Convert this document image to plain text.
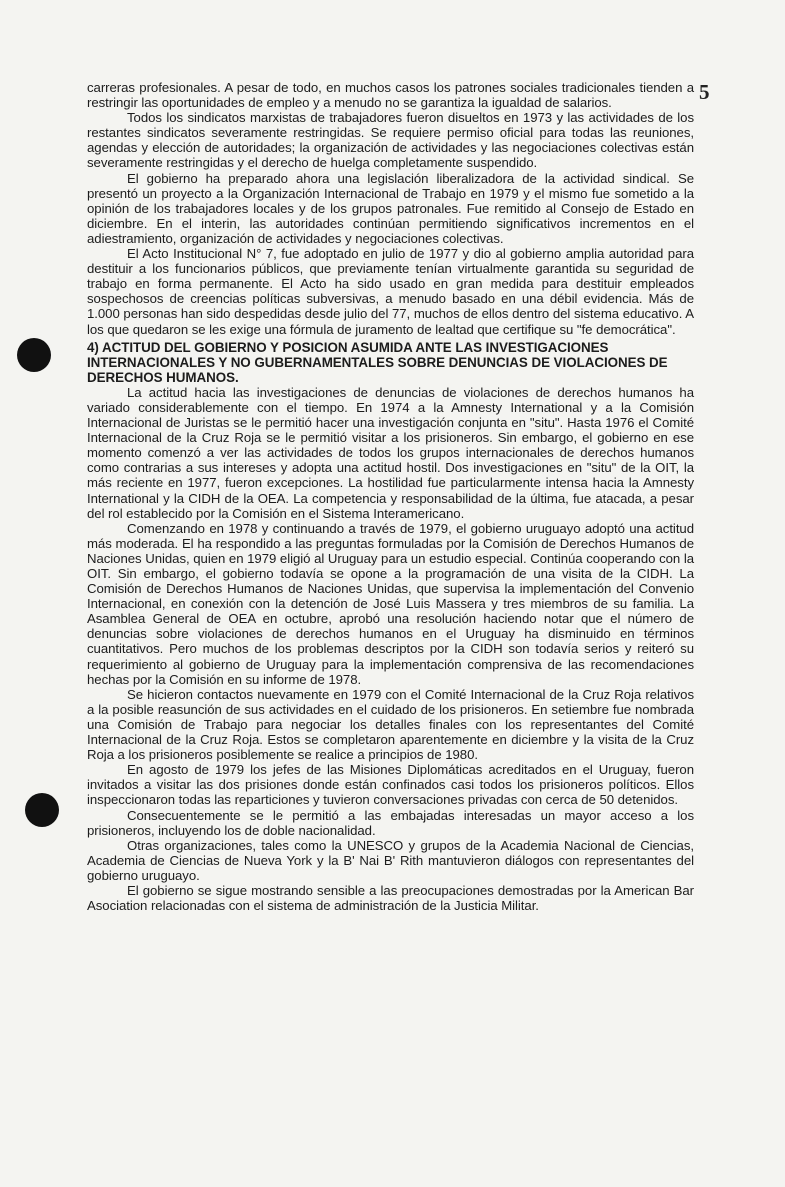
5

carreras profesionales. A pesar de todo, en muchos casos los patrones sociales tradicionales tienden a restringir las oportunidades de empleo y a menudo no se garantiza la igualdad de salarios.

Todos los sindicatos marxistas de trabajadores fueron disueltos en 1973 y las actividades de los restantes sindicatos severamente restringidas. Se requiere permiso oficial para todas las reuniones, agendas y elección de autoridades; la organización de actividades y las negociaciones colectivas están severamente restringidas y el derecho de huelga completamente suspendido.

El gobierno ha preparado ahora una legislación liberalizadora de la actividad sindical. Se presentó un proyecto a la Organización Internacional de Trabajo en 1979 y el mismo fue sometido a la opinión de los trabajadores locales y de los grupos patronales. Fue remitido al Consejo de Estado en diciembre. En el interin, las autoridades continúan permitiendo significativos incrementos en el adiestramiento, organización de actividades y negociaciones colectivas.

El Acto Institucional N° 7, fue adoptado en julio de 1977 y dio al gobierno amplia autoridad para destituir a los funcionarios públicos, que previamente tenían virtualmente garantida su seguridad de trabajo en forma permanente. El Acto ha sido usado en gran medida para destituir empleados sospechosos de creencias políticas subversivas, a menudo basado en una débil evidencia. Más de 1.000 personas han sido despedidas desde julio del 77, muchos de ellos dentro del sistema educativo. A los que quedaron se les exige una fórmula de juramento de lealtad que certifique su "fe democrática".

4) ACTITUD DEL GOBIERNO Y POSICION ASUMIDA ANTE LAS INVESTIGACIONES INTERNACIONALES Y NO GUBERNAMENTALES SOBRE DENUNCIAS DE VIOLACIONES DE DERECHOS HUMANOS.

La actitud hacia las investigaciones de denuncias de violaciones de derechos humanos ha variado considerablemente con el tiempo. En 1974 a la Amnesty International y a la Comisión Internacional de Juristas se le permitió hacer una investigación conjunta en "situ". Hasta 1976 el Comité Internacional de la Cruz Roja se le permitió visitar a los prisioneros. Sin embargo, el gobierno en ese momento comenzó a ver las actividades de todos los grupos internacionales de derechos humanos como contrarias a sus intereses y adopta una actitud hostil. Dos investigaciones en "situ" de la OIT, la más reciente en 1977, fueron excepciones. La hostilidad fue particularmente intensa hacia la Amnesty International y la CIDH de la OEA. La competencia y responsabilidad de la última, fue atacada, a pesar del rol establecido por la Comisión en el Sistema Interamericano.

Comenzando en 1978 y continuando a través de 1979, el gobierno uruguayo adoptó una actitud más moderada. El ha respondido a las preguntas formuladas por la Comisión de Derechos Humanos de Naciones Unidas, quien en 1979 eligió al Uruguay para un estudio especial. Continúa cooperando con la OIT. Sin embargo, el gobierno todavía se opone a la programación de una visita de la CIDH. La Comisión de Derechos Humanos de Naciones Unidas, que supervisa la implementación del Convenio Internacional, en conexión con la detención de José Luis Massera y tres miembros de su familia. La Asamblea General de OEA en octubre, aprobó una resolución haciendo notar que el número de denuncias sobre violaciones de derechos humanos en el Uruguay ha disminuido en términos cuantitativos. Pero muchos de los problemas descriptos por la CIDH son todavía serios y reiteró su requerimiento al gobierno de Uruguay para la implementación comprensiva de las recomendaciones hechas por la Comisión en su informe de 1978.

Se hicieron contactos nuevamente en 1979 con el Comité Internacional de la Cruz Roja relativos a la posible reasunción de sus actividades en el cuidado de los prisioneros. En setiembre fue nombrada una Comisión de Trabajo para negociar los detalles finales con los representantes del Comité Internacional de la Cruz Roja. Estos se completaron aparentemente en diciembre y la visita de la Cruz Roja a los prisioneros posiblemente se realice a principios de 1980.

En agosto de 1979 los jefes de las Misiones Diplomáticas acreditados en el Uruguay, fueron invitados a visitar las dos prisiones donde están confinados casi todos los prisioneros políticos. Ellos inspeccionaron todas las reparticiones y tuvieron conversaciones privadas con cerca de 50 detenidos.

Consecuentemente se le permitió a las embajadas interesadas un mayor acceso a los prisioneros, incluyendo los de doble nacionalidad.

Otras organizaciones, tales como la UNESCO y grupos de la Academia Nacional de Ciencias, Academia de Ciencias de Nueva York y la B' Nai B' Rith mantuvieron diálogos con representantes del gobierno uruguayo.

El gobierno se sigue mostrando sensible a las preocupaciones demostradas por la American Bar Asociation relacionadas con el sistema de administración de la Justicia Militar.
